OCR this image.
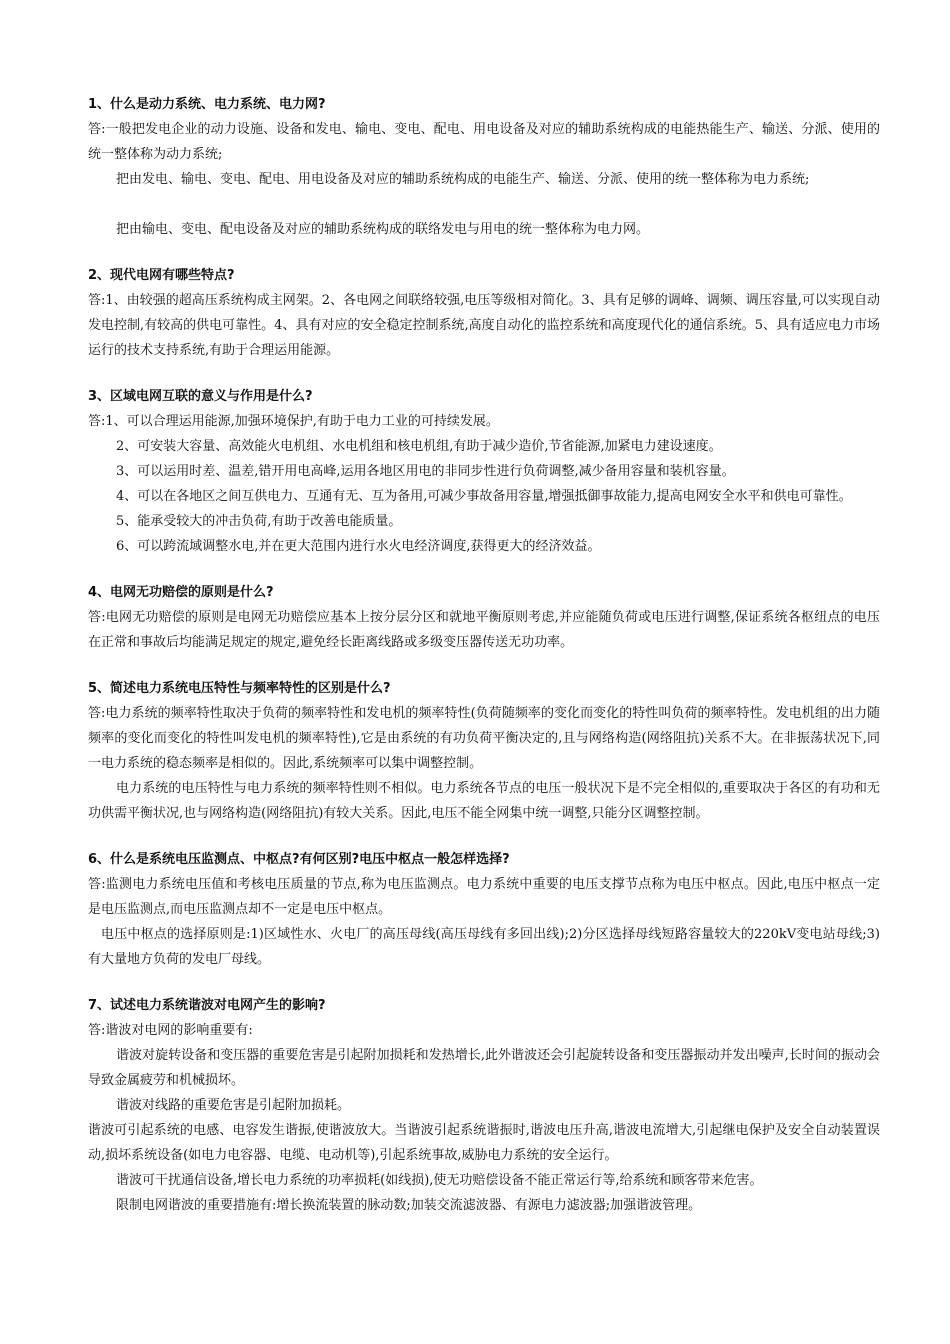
1、什么是动力系统、电力系统、电力网?

答:一般把发电企业的动力设施、设备和发电、输电、变电、配电、用电设备及对应的辅助系统构成的电能热能生产、输送、分派、使用的统一整体称为动力系统;

把由发电、输电、变电、配电、用电设备及对应的辅助系统构成的电能生产、输送、分派、使用的统一整体称为电力系统;

把由输电、变电、配电设备及对应的辅助系统构成的联络发电与用电的统一整体称为电力网。

2、现代电网有哪些特点?

答:1、由较强的超高压系统构成主网架。2、各电网之间联络较强,电压等级相对简化。3、具有足够的调峰、调频、调压容量,可以实现自动发电控制,有较高的供电可靠性。4、具有对应的安全稳定控制系统,高度自动化的监控系统和高度现代化的通信系统。5、具有适应电力市场运行的技术支持系统,有助于合理运用能源。

3、区域电网互联的意义与作用是什么?

答:1、可以合理运用能源,加强环境保护,有助于电力工业的可持续发展。

2、可安装大容量、高效能火电机组、水电机组和核电机组,有助于减少造价,节省能源,加紧电力建设速度。

3、可以运用时差、温差,错开用电高峰,运用各地区用电的非同步性进行负荷调整,减少备用容量和装机容量。

4、可以在各地区之间互供电力、互通有无、互为备用,可减少事故备用容量,增强抵御事故能力,提高电网安全水平和供电可靠性。

5、能承受较大的冲击负荷,有助于改善电能质量。

6、可以跨流域调整水电,并在更大范围内进行水火电经济调度,获得更大的经济效益。

4、电网无功赔偿的原则是什么?

答:电网无功赔偿的原则是电网无功赔偿应基本上按分层分区和就地平衡原则考虑,并应能随负荷或电压进行调整,保证系统各枢纽点的电压在正常和事故后均能满足规定的规定,避免经长距离线路或多级变压器传送无功功率。

5、简述电力系统电压特性与频率特性的区别是什么?

答:电力系统的频率特性取决于负荷的频率特性和发电机的频率特性(负荷随频率的变化而变化的特性叫负荷的频率特性。发电机组的出力随频率的变化而变化的特性叫发电机的频率特性),它是由系统的有功负荷平衡决定的,且与网络构造(网络阻抗)关系不大。在非振荡状况下,同一电力系统的稳态频率是相似的。因此,系统频率可以集中调整控制。

电力系统的电压特性与电力系统的频率特性则不相似。电力系统各节点的电压一般状况下是不完全相似的,重要取决于各区的有功和无功供需平衡状况,也与网络构造(网络阻抗)有较大关系。因此,电压不能全网集中统一调整,只能分区调整控制。

6、什么是系统电压监测点、中枢点?有何区别?电压中枢点一般怎样选择?

答:监测电力系统电压值和考核电压质量的节点,称为电压监测点。电力系统中重要的电压支撑节点称为电压中枢点。因此,电压中枢点一定是电压监测点,而电压监测点却不一定是电压中枢点。

电压中枢点的选择原则是:1)区域性水、火电厂的高压母线(高压母线有多回出线);2)分区选择母线短路容量较大的220kV变电站母线;3)有大量地方负荷的发电厂母线。

7、试述电力系统谐波对电网产生的影响?

答:谐波对电网的影响重要有:

谐波对旋转设备和变压器的重要危害是引起附加损耗和发热增长,此外谐波还会引起旋转设备和变压器振动并发出噪声,长时间的振动会导致金属疲劳和机械损坏。

谐波对线路的重要危害是引起附加损耗。

谐波可引起系统的电感、电容发生谐振,使谐波放大。当谐波引起系统谐振时,谐波电压升高,谐波电流增大,引起继电保护及安全自动装置误动,损坏系统设备(如电力电容器、电缆、电动机等),引起系统事故,威胁电力系统的安全运行。

谐波可干扰通信设备,增长电力系统的功率损耗(如线损),使无功赔偿设备不能正常运行等,给系统和顾客带来危害。

限制电网谐波的重要措施有:增长换流装置的脉动数;加装交流滤波器、有源电力滤波器;加强谐波管理。
